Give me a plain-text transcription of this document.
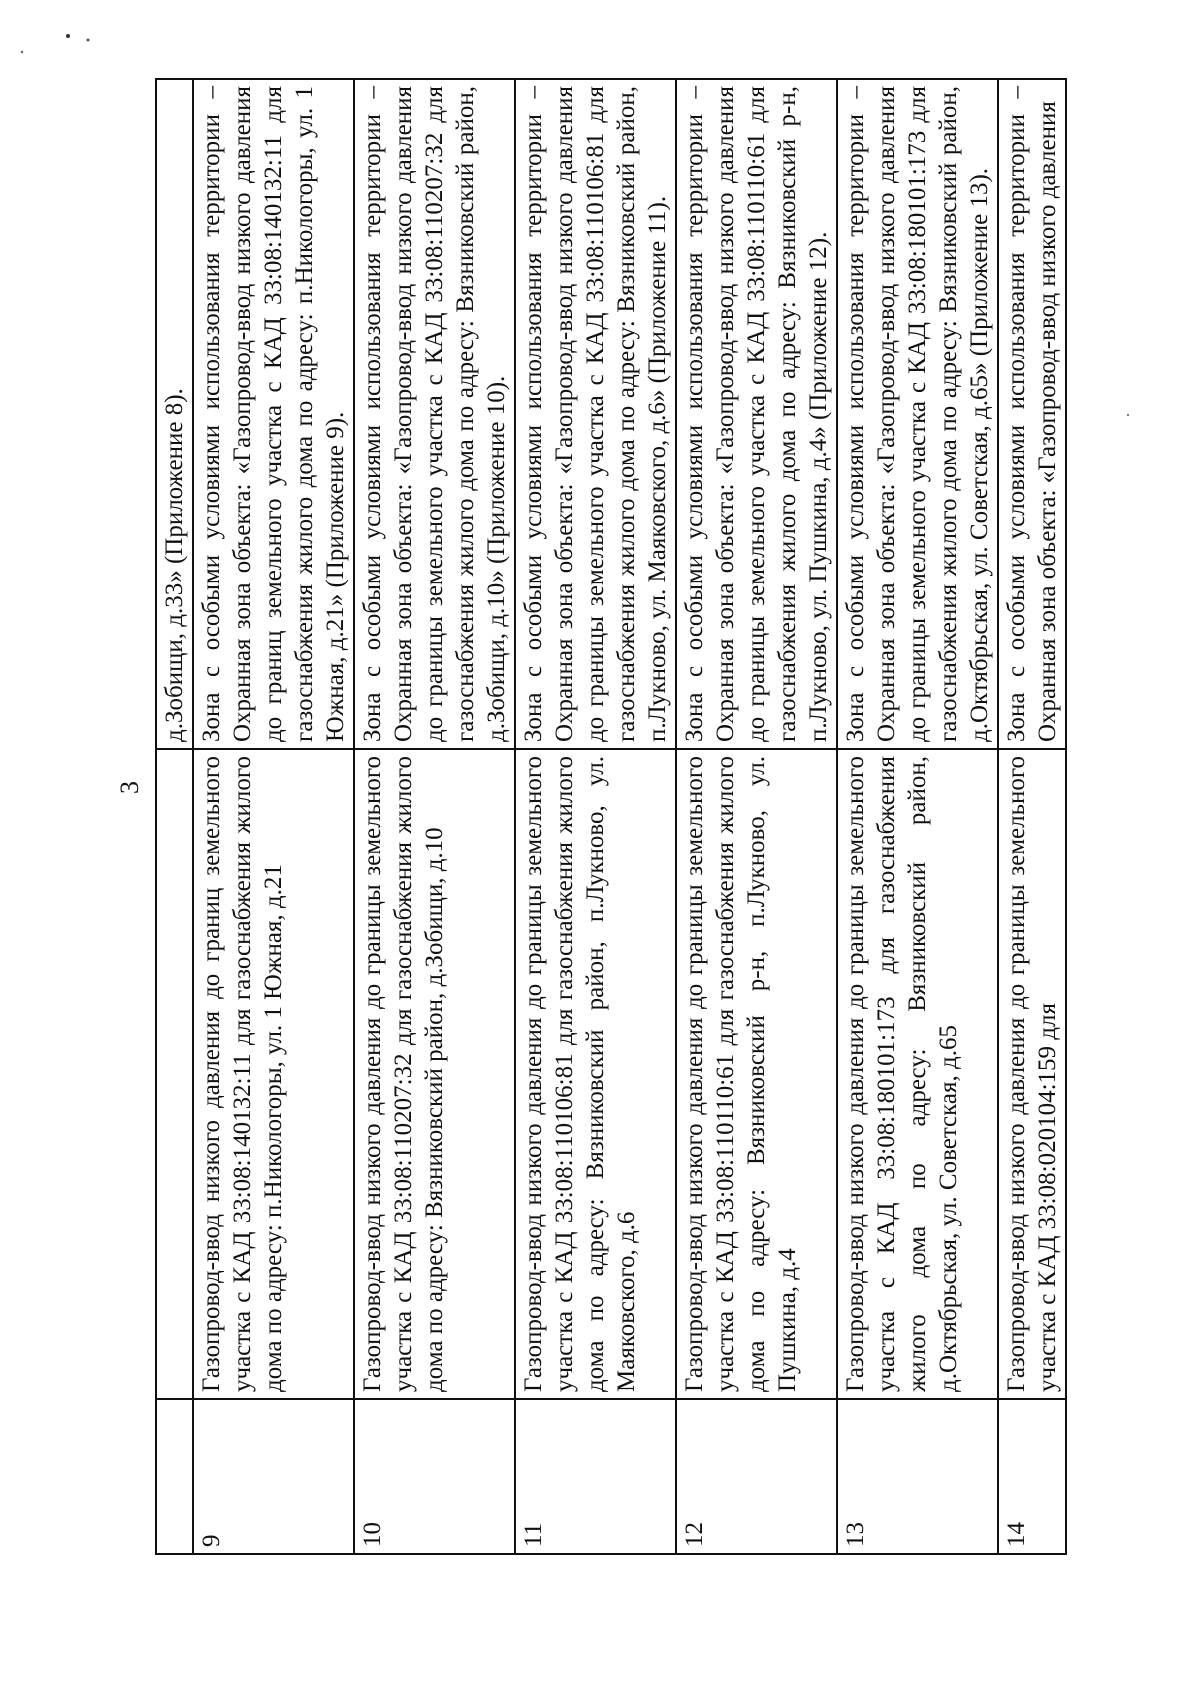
3
		д.Зобищи, д.33» (Приложение 8).
9	Газопровод-ввод низкого давления до границ земельного участка с КАД 33:08:140132:11 для газоснабжения жилого дома по адресу: п.Никологоры, ул. 1 Южная, д.21	Зона с особыми условиями использования территории – Охранная зона объекта: «Газопровод-ввод низкого давления до границ земельного участка с КАД 33:08:140132:11 для газоснабжения жилого дома по адресу: п.Никологоры, ул. 1 Южная, д.21» (Приложение 9).
10	Газопровод-ввод низкого давления до границы земельного участка с КАД 33:08:110207:32 для газоснабжения жилого дома по адресу: Вязниковский район, д.Зобищи, д.10	Зона с особыми условиями использования территории – Охранная зона объекта: «Газопровод-ввод низкого давления до границы земельного участка с КАД 33:08:110207:32 для газоснабжения жилого дома по адресу: Вязниковский район, д.Зобищи, д.10» (Приложение 10).
11	Газопровод-ввод низкого давления до границы земельного участка с КАД 33:08:110106:81 для газоснабжения жилого дома по адресу: Вязниковский район, п.Лукново, ул. Маяковского, д.6	Зона с особыми условиями использования территории – Охранная зона объекта: «Газопровод-ввод низкого давления до границы земельного участка с КАД 33:08:110106:81 для газоснабжения жилого дома по адресу: Вязниковский район, п.Лукново, ул. Маяковского, д.6» (Приложение 11).
12	Газопровод-ввод низкого давления до границы земельного участка с КАД 33:08:110110:61 для газоснабжения жилого дома по адресу: Вязниковский р-н, п.Лукново, ул. Пушкина, д.4	Зона с особыми условиями использования территории – Охранная зона объекта: «Газопровод-ввод низкого давления до границы земельного участка с КАД 33:08:110110:61 для газоснабжения жилого дома по адресу: Вязниковский р-н, п.Лукново, ул. Пушкина, д.4» (Приложение 12).
13	Газопровод-ввод низкого давления до границы земельного участка с КАД 33:08:180101:173 для газоснабжения жилого дома по адресу: Вязниковский район, д.Октябрьская, ул. Советская, д.65	Зона с особыми условиями использования территории – Охранная зона объекта: «Газопровод-ввод низкого давления до границы земельного участка с КАД 33:08:180101:173 для газоснабжения жилого дома по адресу: Вязниковский район, д.Октябрьская, ул. Советская, д.65» (Приложение 13).
14	Газопровод-ввод низкого давления до границы земельного участка с КАД 33:08:020104:159 для	Зона с особыми условиями использования территории – Охранная зона объекта: «Газопровод-ввод низкого давления
